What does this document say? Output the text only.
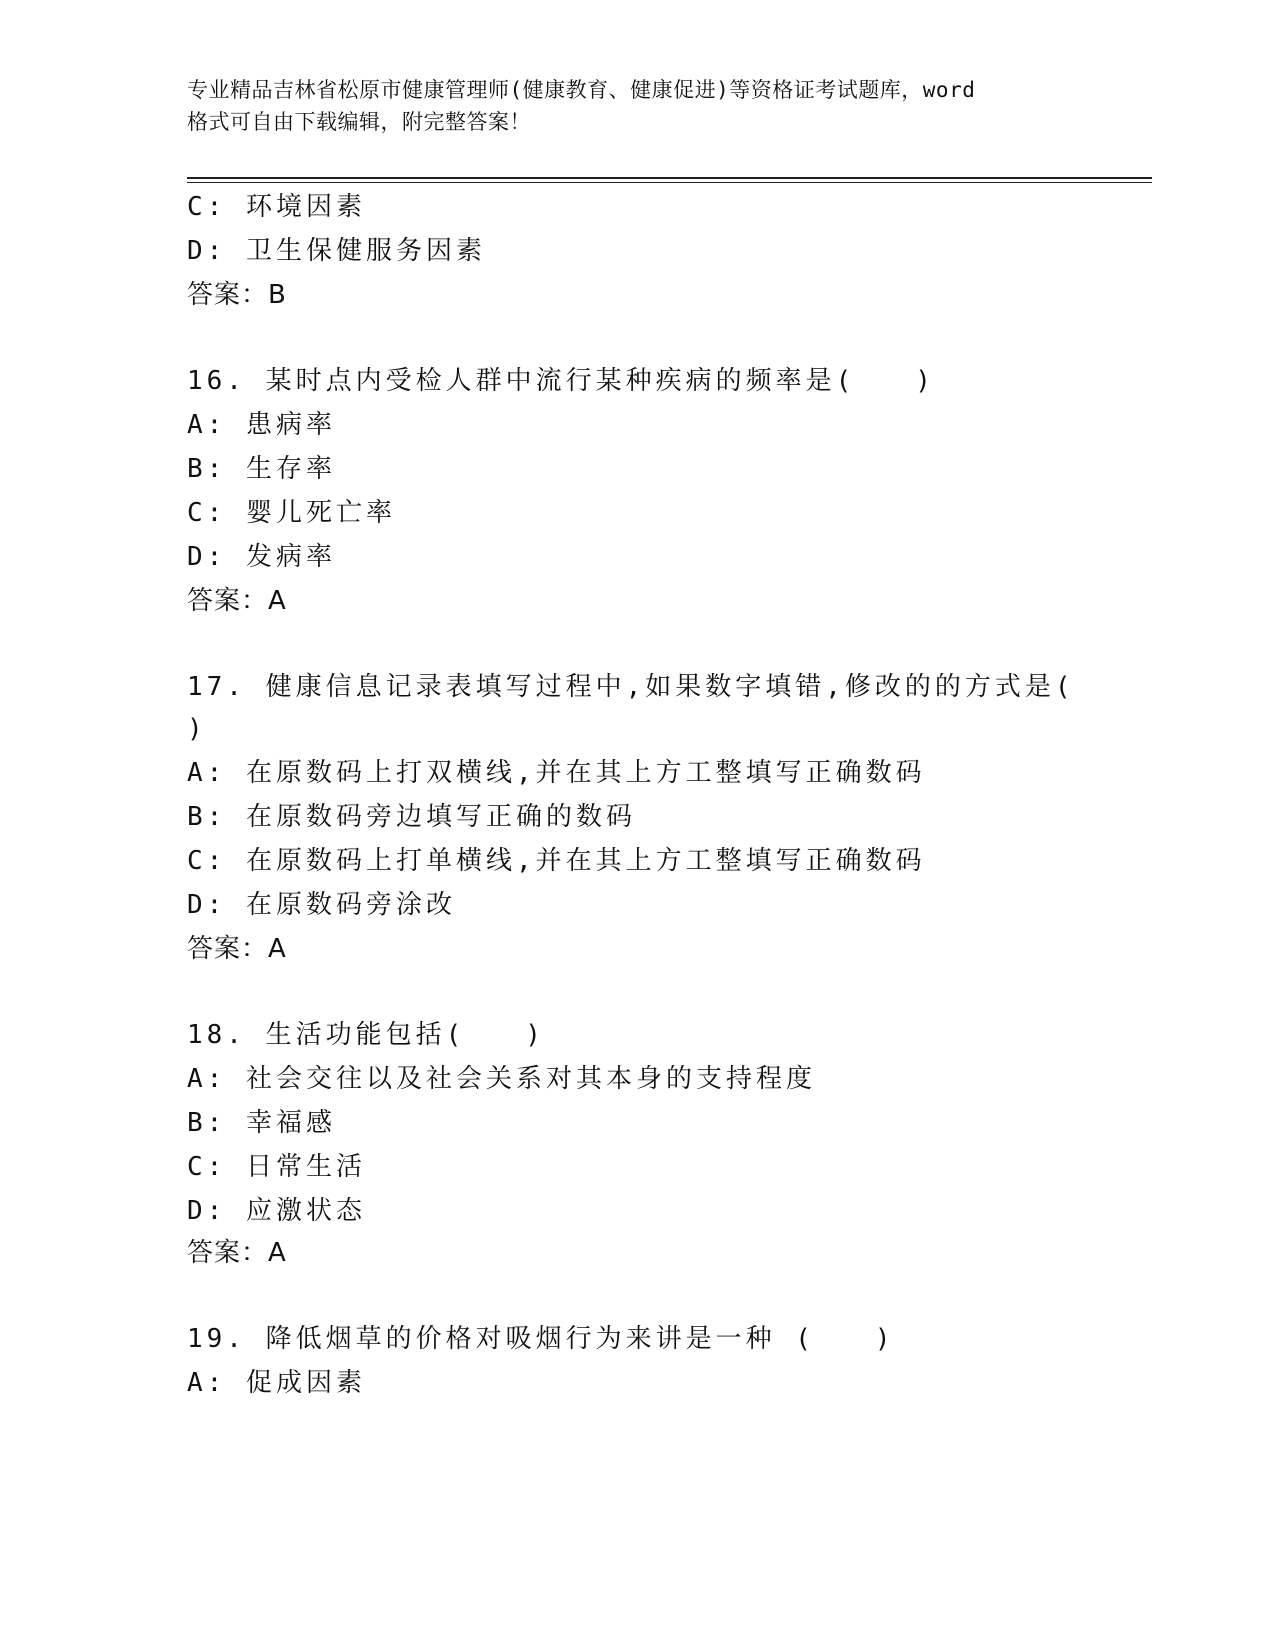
专业精品吉林省松原市健康管理师(健康教育、健康促进)等资格证考试题库，word
格式可自由下载编辑，附完整答案！
C: 环境因素
D: 卫生保健服务因素
答案：B
16. 某时点内受检人群中流行某种疾病的频率是(　　)
A: 患病率
B: 生存率
C: 婴儿死亡率
D: 发病率
答案：A
17. 健康信息记录表填写过程中,如果数字填错,修改的的方式是(
)
A: 在原数码上打双横线,并在其上方工整填写正确数码
B: 在原数码旁边填写正确的数码
C: 在原数码上打单横线,并在其上方工整填写正确数码
D: 在原数码旁涂改
答案：A
18. 生活功能包括(　　)
A: 社会交往以及社会关系对其本身的支持程度
B: 幸福感
C: 日常生活
D: 应激状态
答案：A
19. 降低烟草的价格对吸烟行为来讲是一种 (　　)
A: 促成因素
